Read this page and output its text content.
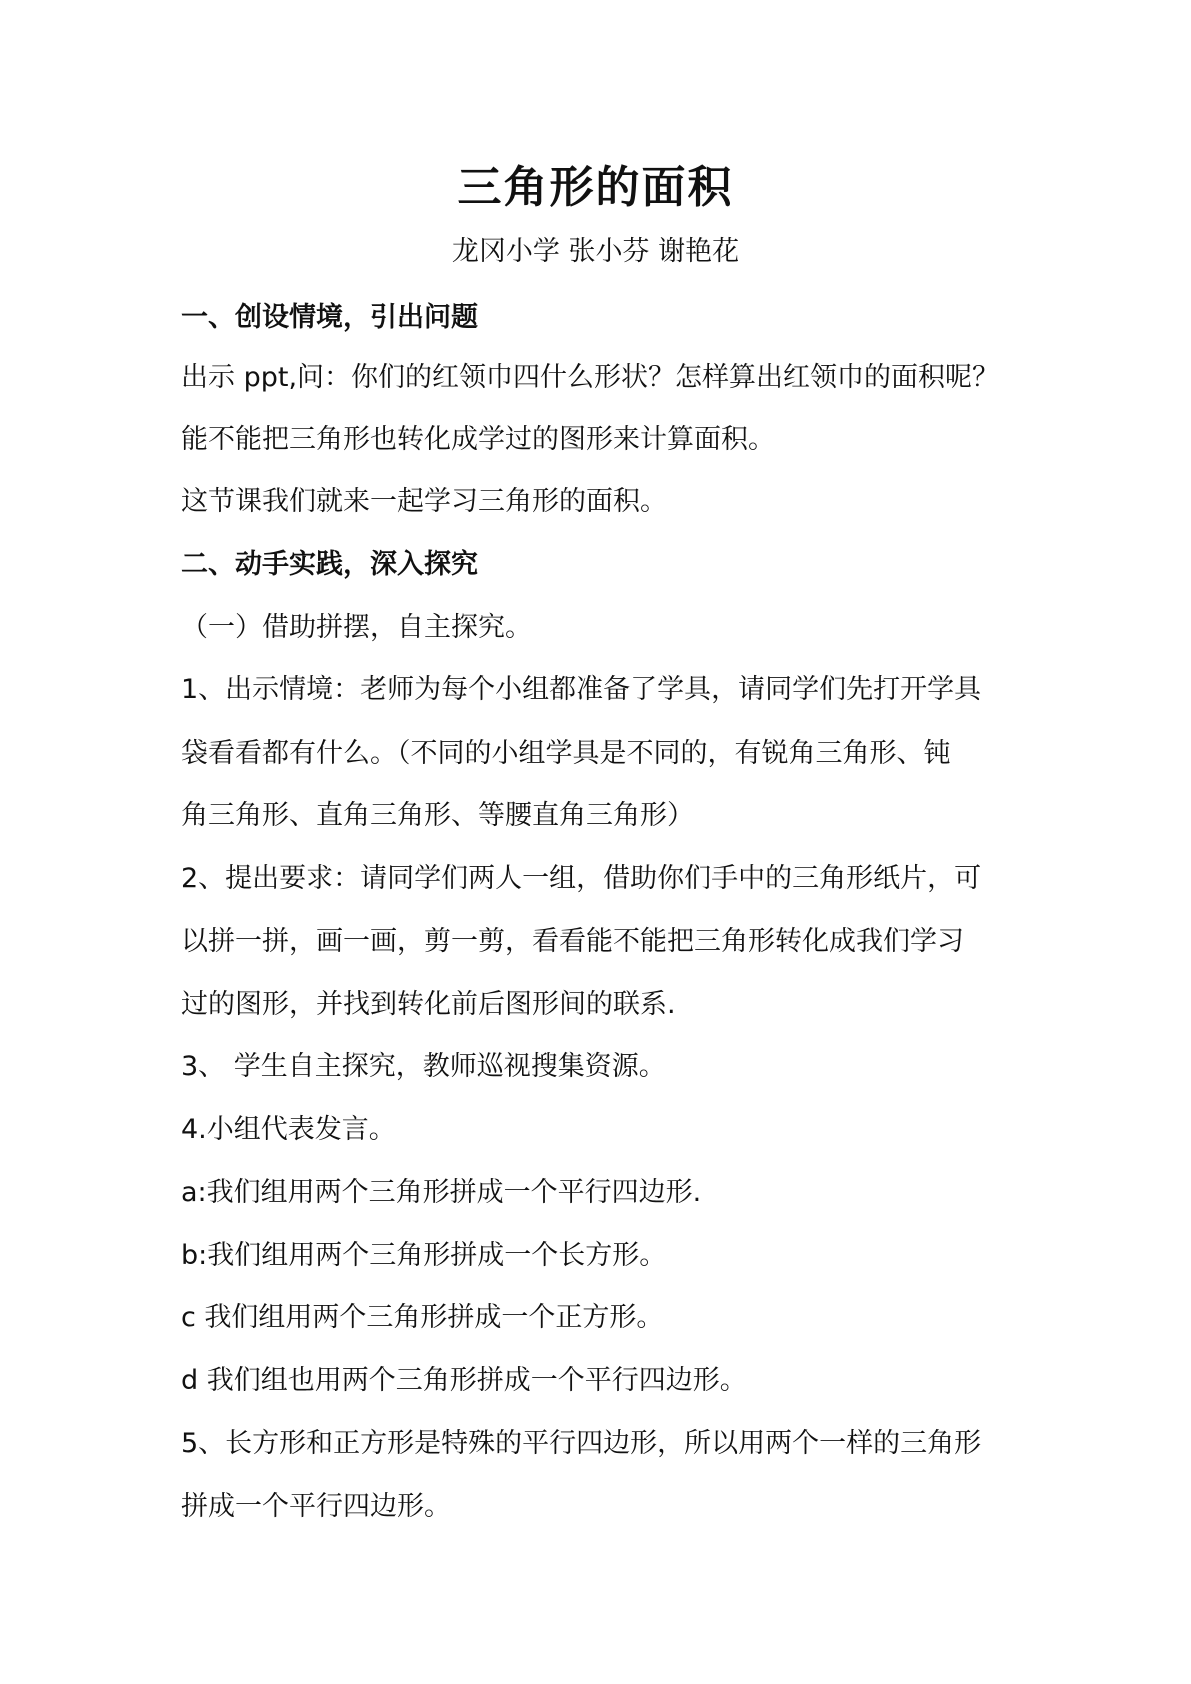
三角形的面积
龙冈小学 张小芬 谢艳花
一、创设情境，引出问题
出示 ppt,问：你们的红领巾四什么形状？怎样算出红领巾的面积呢？
能不能把三角形也转化成学过的图形来计算面积。
这节课我们就来一起学习三角形的面积。
二、动手实践，深入探究
（一）借助拼摆，自主探究。
1、出示情境：老师为每个小组都准备了学具，请同学们先打开学具
袋看看都有什么。（不同的小组学具是不同的，有锐角三角形、钝
角三角形、直角三角形、等腰直角三角形）
2、提出要求：请同学们两人一组，借助你们手中的三角形纸片，可
以拼一拼，画一画，剪一剪，看看能不能把三角形转化成我们学习
过的图形，并找到转化前后图形间的联系.
3、 学生自主探究，教师巡视搜集资源。
4.小组代表发言。
a:我们组用两个三角形拼成一个平行四边形.
b:我们组用两个三角形拼成一个长方形。
c 我们组用两个三角形拼成一个正方形。
d 我们组也用两个三角形拼成一个平行四边形。
5、长方形和正方形是特殊的平行四边形，所以用两个一样的三角形
拼成一个平行四边形。
